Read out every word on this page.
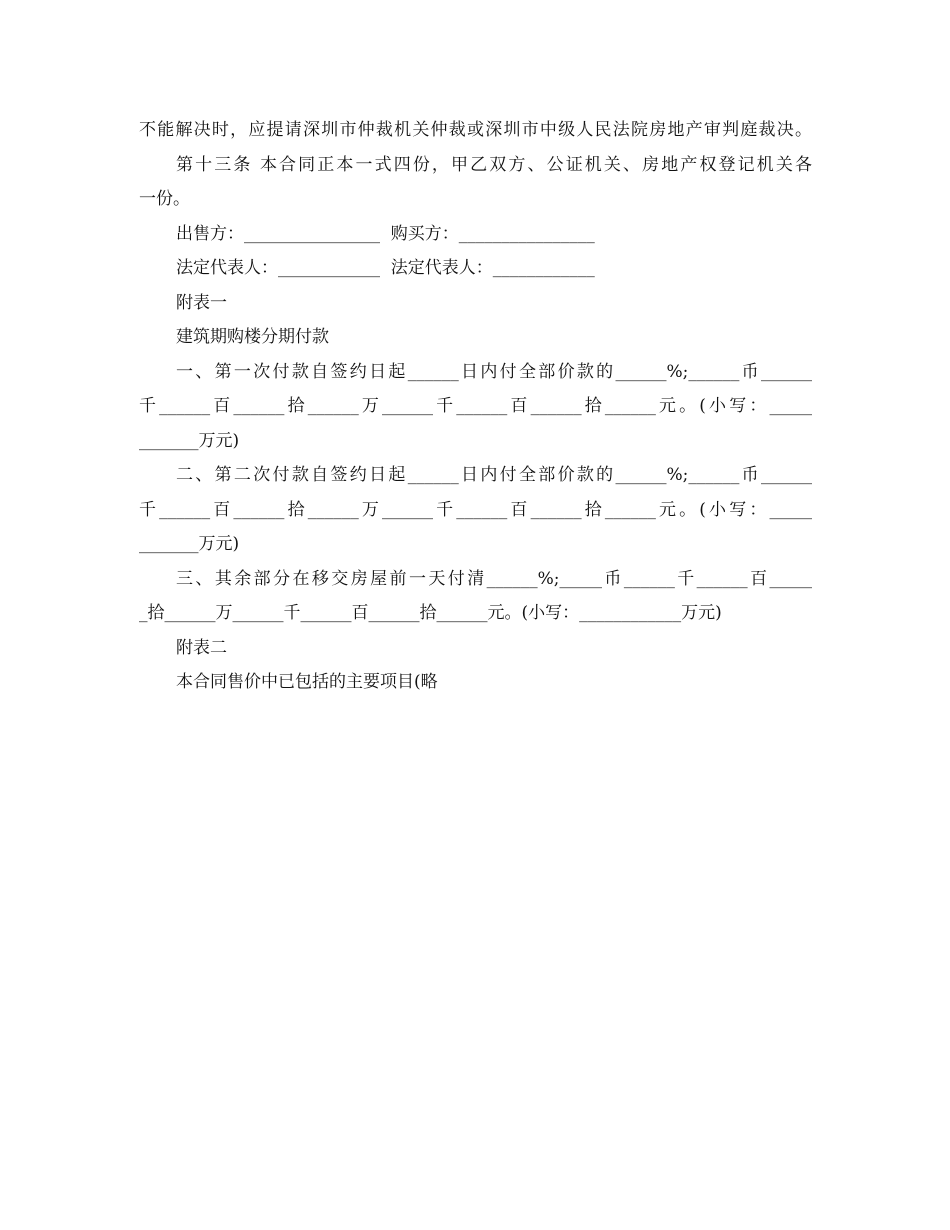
不能解决时，应提请深圳市仲裁机关仲裁或深圳市中级人民法院房地产审判庭裁决。
第十三条 本合同正本一式四份，甲乙双方、公证机关、房地产权登记机关各
一份。
出售方：________________  购买方：________________
法定代表人：____________  法定代表人：____________
附表一
建筑期购楼分期付款
一、第一次付款自签约日起______日内付全部价款的______%;______币______
千______百______拾______万______千______百______拾______元。(小写：_____
_______万元)
二、第二次付款自签约日起______日内付全部价款的______%;______币______
千______百______拾______万______千______百______拾______元。(小写：_____
_______万元)
三、其余部分在移交房屋前一天付清______%;_____币______千______百_____
_拾______万______千______百______拾______元。(小写：____________万元)
附表二
本合同售价中已包括的主要项目(略
